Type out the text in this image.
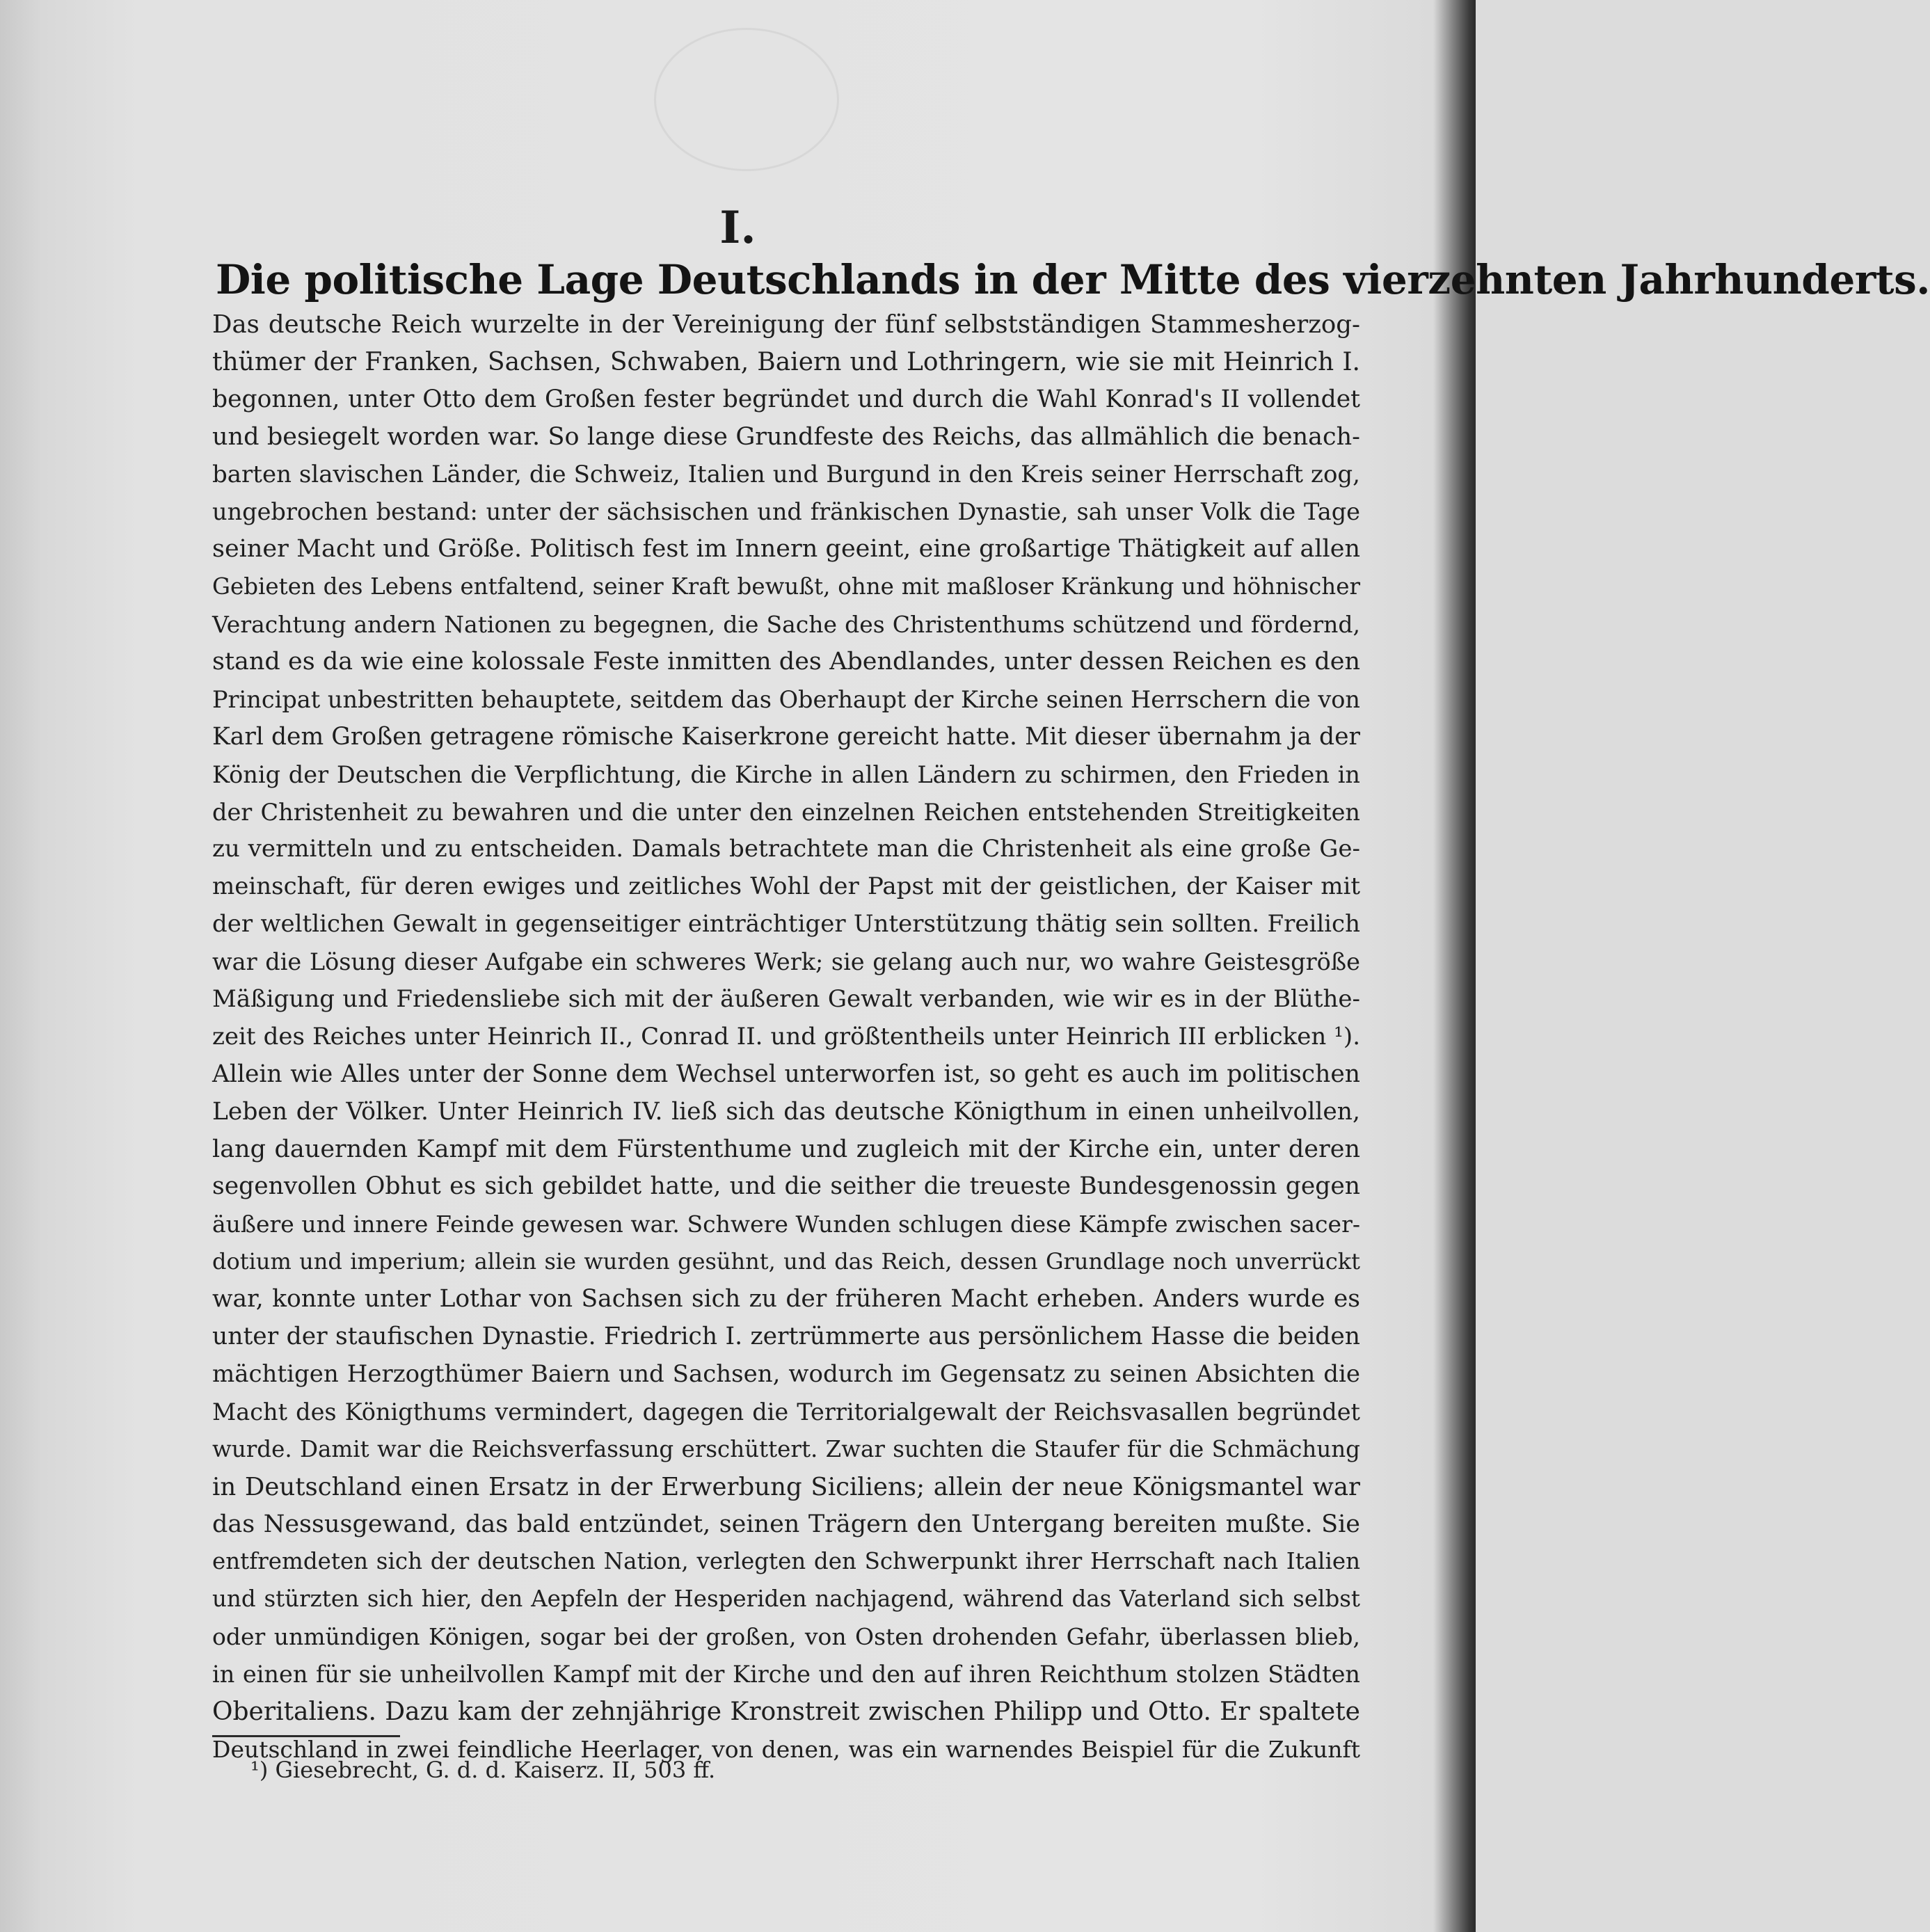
I.
Die politische Lage Deutschlands in der Mitte des vierzehnten Jahrhunderts.
Das deutsche Reich wurzelte in der Vereinigung der fünf selbstständigen Stammesherzog-
thümer der Franken, Sachsen, Schwaben, Baiern und Lothringern, wie sie mit Heinrich I.
begonnen, unter Otto dem Großen fester begründet und durch die Wahl Konrad's II vollendet
und besiegelt worden war. So lange diese Grundfeste des Reichs, das allmählich die benach-
barten slavischen Länder, die Schweiz, Italien und Burgund in den Kreis seiner Herrschaft zog,
ungebrochen bestand: unter der sächsischen und fränkischen Dynastie, sah unser Volk die Tage
seiner Macht und Größe. Politisch fest im Innern geeint, eine großartige Thätigkeit auf allen
Gebieten des Lebens entfaltend, seiner Kraft bewußt, ohne mit maßloser Kränkung und höhnischer
Verachtung andern Nationen zu begegnen, die Sache des Christenthums schützend und fördernd,
stand es da wie eine kolossale Feste inmitten des Abendlandes, unter dessen Reichen es den
Principat unbestritten behauptete, seitdem das Oberhaupt der Kirche seinen Herrschern die von
Karl dem Großen getragene römische Kaiserkrone gereicht hatte. Mit dieser übernahm ja der
König der Deutschen die Verpflichtung, die Kirche in allen Ländern zu schirmen, den Frieden in
der Christenheit zu bewahren und die unter den einzelnen Reichen entstehenden Streitigkeiten
zu vermitteln und zu entscheiden. Damals betrachtete man die Christenheit als eine große Ge-
meinschaft, für deren ewiges und zeitliches Wohl der Papst mit der geistlichen, der Kaiser mit
der weltlichen Gewalt in gegenseitiger einträchtiger Unterstützung thätig sein sollten. Freilich
war die Lösung dieser Aufgabe ein schweres Werk; sie gelang auch nur, wo wahre Geistesgröße
Mäßigung und Friedensliebe sich mit der äußeren Gewalt verbanden, wie wir es in der Blüthe-
zeit des Reiches unter Heinrich II., Conrad II. und größtentheils unter Heinrich III erblicken ¹).
Allein wie Alles unter der Sonne dem Wechsel unterworfen ist, so geht es auch im politischen
Leben der Völker. Unter Heinrich IV. ließ sich das deutsche Königthum in einen unheilvollen,
lang dauernden Kampf mit dem Fürstenthume und zugleich mit der Kirche ein, unter deren
segenvollen Obhut es sich gebildet hatte, und die seither die treueste Bundesgenossin gegen
äußere und innere Feinde gewesen war. Schwere Wunden schlugen diese Kämpfe zwischen sacer-
dotium und imperium; allein sie wurden gesühnt, und das Reich, dessen Grundlage noch unverrückt
war, konnte unter Lothar von Sachsen sich zu der früheren Macht erheben. Anders wurde es
unter der staufischen Dynastie. Friedrich I. zertrümmerte aus persönlichem Hasse die beiden
mächtigen Herzogthümer Baiern und Sachsen, wodurch im Gegensatz zu seinen Absichten die
Macht des Königthums vermindert, dagegen die Territorialgewalt der Reichsvasallen begründet
wurde. Damit war die Reichsverfassung erschüttert. Zwar suchten die Staufer für die Schmächung
in Deutschland einen Ersatz in der Erwerbung Siciliens; allein der neue Königsmantel war
das Nessusgewand, das bald entzündet, seinen Trägern den Untergang bereiten mußte. Sie
entfremdeten sich der deutschen Nation, verlegten den Schwerpunkt ihrer Herrschaft nach Italien
und stürzten sich hier, den Aepfeln der Hesperiden nachjagend, während das Vaterland sich selbst
oder unmündigen Königen, sogar bei der großen, von Osten drohenden Gefahr, überlassen blieb,
in einen für sie unheilvollen Kampf mit der Kirche und den auf ihren Reichthum stolzen Städten
Oberitaliens. Dazu kam der zehnjährige Kronstreit zwischen Philipp und Otto. Er spaltete
Deutschland in zwei feindliche Heerlager, von denen, was ein warnendes Beispiel für die Zukunft
¹) Giesebrecht, G. d. d. Kaiserz. II, 503 ff.
